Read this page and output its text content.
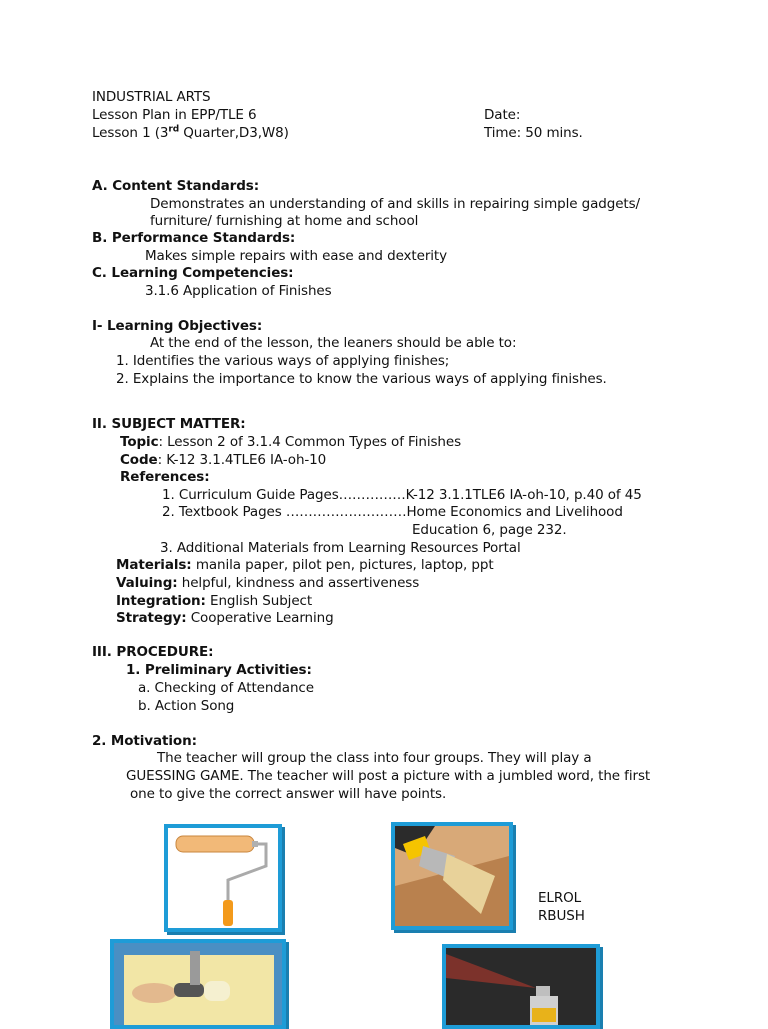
INDUSTRIAL ARTS
Lesson Plan in EPP/TLE 6
Lesson 1 (3rd Quarter,D3,W8)
Date:
Time: 50 mins.
A. Content Standards:
Demonstrates an understanding of and skills in repairing simple gadgets/
furniture/ furnishing at home and school
B. Performance Standards:
Makes simple repairs with ease and dexterity
C. Learning Competencies:
3.1.6 Application of Finishes
I- Learning Objectives:
At the end of the lesson, the leaners should be able to:
1. Identifies the various ways of applying finishes;
2. Explains the importance to know the various ways of applying finishes.
II. SUBJECT MATTER:
Topic: Lesson 2 of 3.1.4 Common Types of Finishes
Code: K-12 3.1.4TLE6 IA-oh-10
References:
1. Curriculum Guide Pages……………K-12 3.1.1TLE6 IA-oh-10, p.40 of 45
2. Textbook Pages ………………………Home Economics and Livelihood
Education 6, page 232.
3. Additional Materials from Learning Resources Portal
Materials: manila paper, pilot pen, pictures, laptop, ppt
Valuing: helpful, kindness and assertiveness
Integration: English Subject
Strategy: Cooperative Learning
III. PROCEDURE:
1. Preliminary Activities:
a. Checking of Attendance
b. Action Song
2. Motivation:
The teacher will group the class into four groups. They will play a
GUESSING GAME. The teacher will post a picture with a jumbled word, the first
one to give the correct answer will have points.
ELROL
RBUSH
